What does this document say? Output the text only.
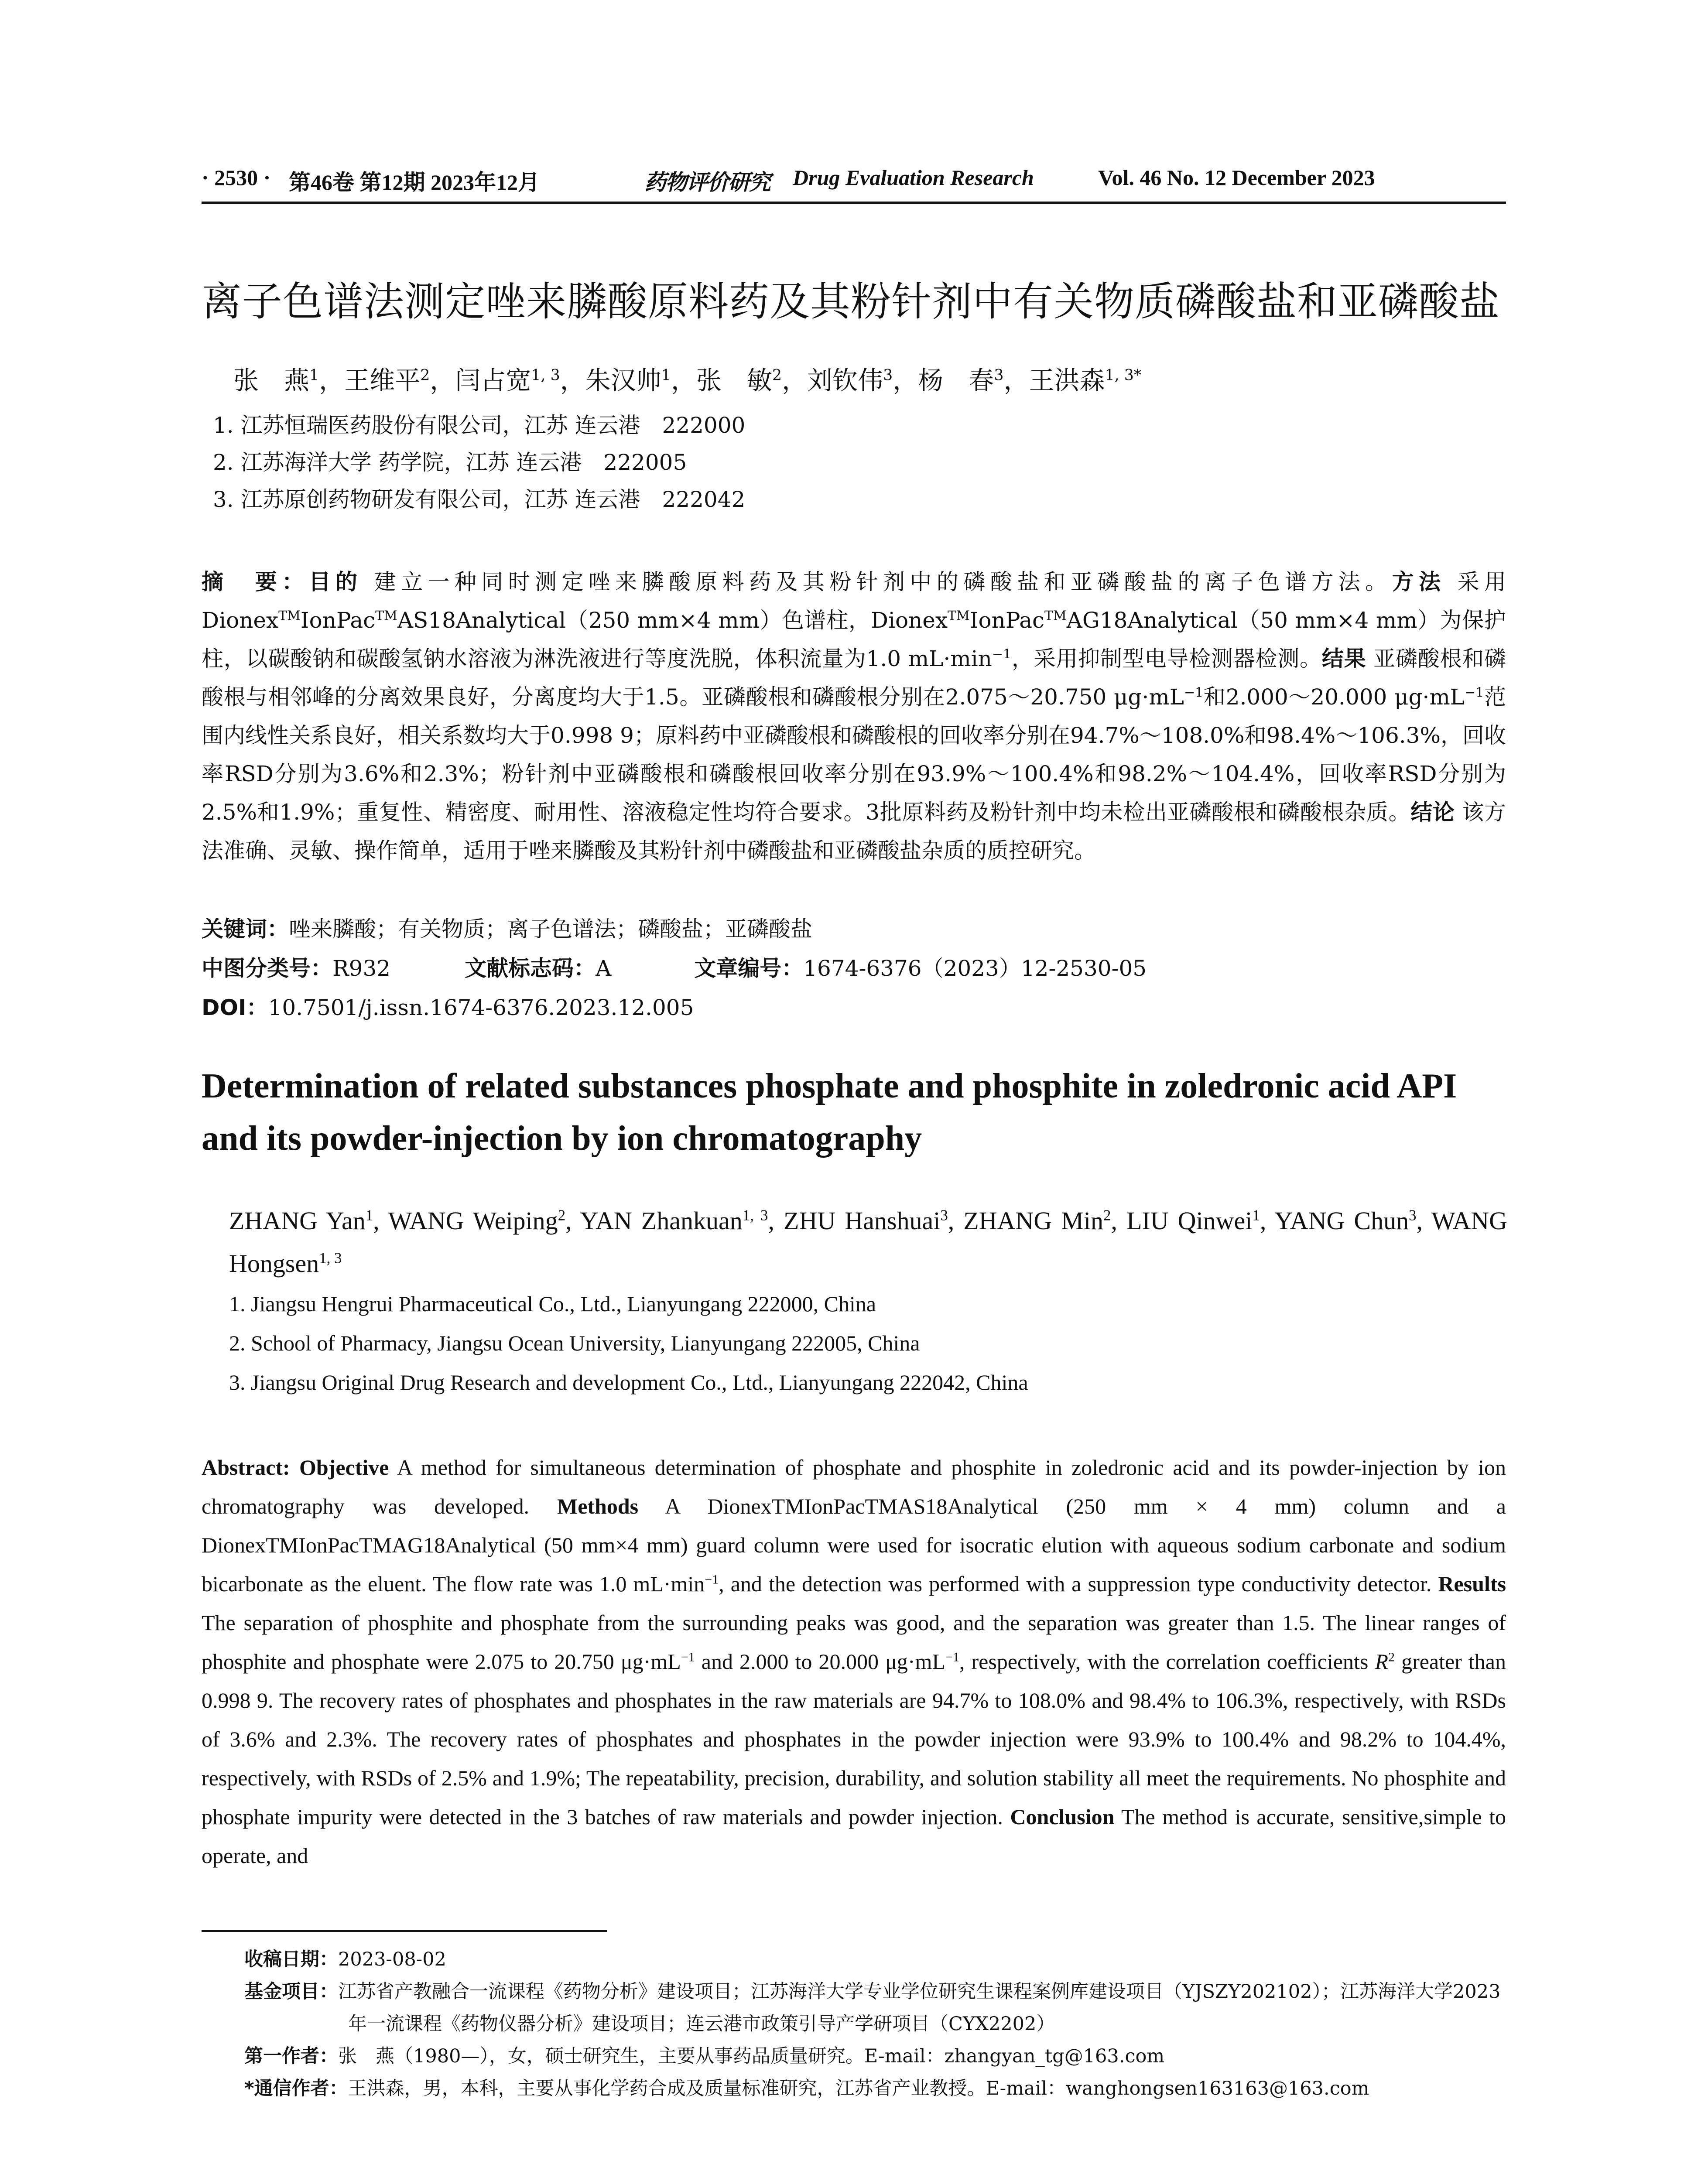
· 2530 · 第46卷 第12期 2023年12月	药物评价研究 Drug Evaluation Research	Vol. 46 No. 12 December 2023
离子色谱法测定唑来膦酸原料药及其粉针剂中有关物质磷酸盐和亚磷酸盐
张　燕$^1$，王维平$^2$，闫占宽$^{1, 3}$，朱汉帅$^1$，张　敏$^2$，刘钦伟$^3$，杨　春$^3$，王洪森$^{1, 3*}$
1. 江苏恒瑞医药股份有限公司，江苏 连云港　222000
2. 江苏海洋大学 药学院，江苏 连云港　222005
3. 江苏原创药物研发有限公司，江苏 连云港　222042
摘　要：目的 建立一种同时测定唑来膦酸原料药及其粉针剂中的磷酸盐和亚磷酸盐的离子色谱方法。方法 采用Dionex™IonPac™AS18Analytical（250 mm×4 mm）色谱柱，Dionex™IonPac™AG18Analytical（50 mm×4 mm）为保护柱，以碳酸钠和碳酸氢钠水溶液为淋洗液进行等度洗脱，体积流量为1.0 $mL\cdot\min^{-1}$，采用抑制型电导检测器检测。结果 亚磷酸根和磷酸根与相邻峰的分离效果良好，分离度均大于1.5。亚磷酸根和磷酸根分别在2.075～20.750 $\mu g\cdot mL^{-1}$和2.000～20.000 $\mu g\cdot mL^{-1}$范围内线性关系良好，相关系数均大于0.998 9；原料药中亚磷酸根和磷酸根的回收率分别在94.7%～108.0%和98.4%～106.3%，回收率RSD分别为3.6%和2.3%；粉针剂中亚磷酸根和磷酸根回收率分别在93.9%～100.4%和98.2%～104.4%，回收率RSD分别为2.5%和1.9%；重复性、精密度、耐用性、溶液稳定性均符合要求。3批原料药及粉针剂中均未检出亚磷酸根和磷酸根杂质。结论 该方法准确、灵敏、操作简单，适用于唑来膦酸及其粉针剂中磷酸盐和亚磷酸盐杂质的质控研究。
关键词：唑来膦酸；有关物质；离子色谱法；磷酸盐；亚磷酸盐
中图分类号：R932	文献标志码：A	文章编号：1674-6376（2023）12-2530-05
DOI：10.7501/j.issn.1674-6376.2023.12.005
Determination of related substances phosphate and phosphite in zoledronic acid API and its powder-injection by ion chromatography
ZHANG Yan$^1$, WANG Weiping$^2$, YAN Zhankuan$^{1, 3}$, ZHU Hanshuai$^3$, ZHANG Min$^2$, LIU Qinwei$^1$, YANG Chun$^3$, WANG Hongsen$^{1, 3}$
1. Jiangsu Hengrui Pharmaceutical Co., Ltd., Lianyungang 222000, China
2. School of Pharmacy, Jiangsu Ocean University, Lianyungang 222005, China
3. Jiangsu Original Drug Research and development Co., Ltd., Lianyungang 222042, China
Abstract: Objective A method for simultaneous determination of phosphate and phosphite in zoledronic acid and its powder-injection by ion chromatography was developed. Methods A DionexTMIonPacTMAS18Analytical (250 mm × 4 mm) column and a DionexTMIonPacTMAG18Analytical (50 mm×4 mm) guard column were used for isocratic elution with aqueous sodium carbonate and sodium bicarbonate as the eluent. The flow rate was 1.0 $mL\cdot\min^{-1}$, and the detection was performed with a suppression type conductivity detector. Results The separation of phosphite and phosphate from the surrounding peaks was good, and the separation was greater than 1.5. The linear ranges of phosphite and phosphate were 2.075 to 20.750 $\mu g\cdot mL^{-1}$ and 2.000 to 20.000 $\mu g\cdot mL^{-1}$, respectively, with the correlation coefficients $R^2$ greater than 0.998 9. The recovery rates of phosphates and phosphates in the raw materials are 94.7% to 108.0% and 98.4% to 106.3%, respectively, with RSDs of 3.6% and 2.3%. The recovery rates of phosphates and phosphates in the powder injection were 93.9% to 100.4% and 98.2% to 104.4%, respectively, with RSDs of 2.5% and 1.9%; The repeatability, precision, durability, and solution stability all meet the requirements. No phosphite and phosphate impurity were detected in the 3 batches of raw materials and powder injection. Conclusion The method is accurate, sensitive,simple to operate, and
收稿日期：2023-08-02
基金项目：江苏省产教融合一流课程《药物分析》建设项目；江苏海洋大学专业学位研究生课程案例库建设项目（YJSZY202102）；江苏海洋大学2023年一流课程《药物仪器分析》建设项目；连云港市政策引导产学研项目（CYX2202）
第一作者：张　燕（1980—），女，硕士研究生，主要从事药品质量研究。E-mail：zhangyan_tg@163.com
*通信作者：王洪森，男，本科，主要从事化学药合成及质量标准研究，江苏省产业教授。E-mail：wanghongsen163163@163.com
